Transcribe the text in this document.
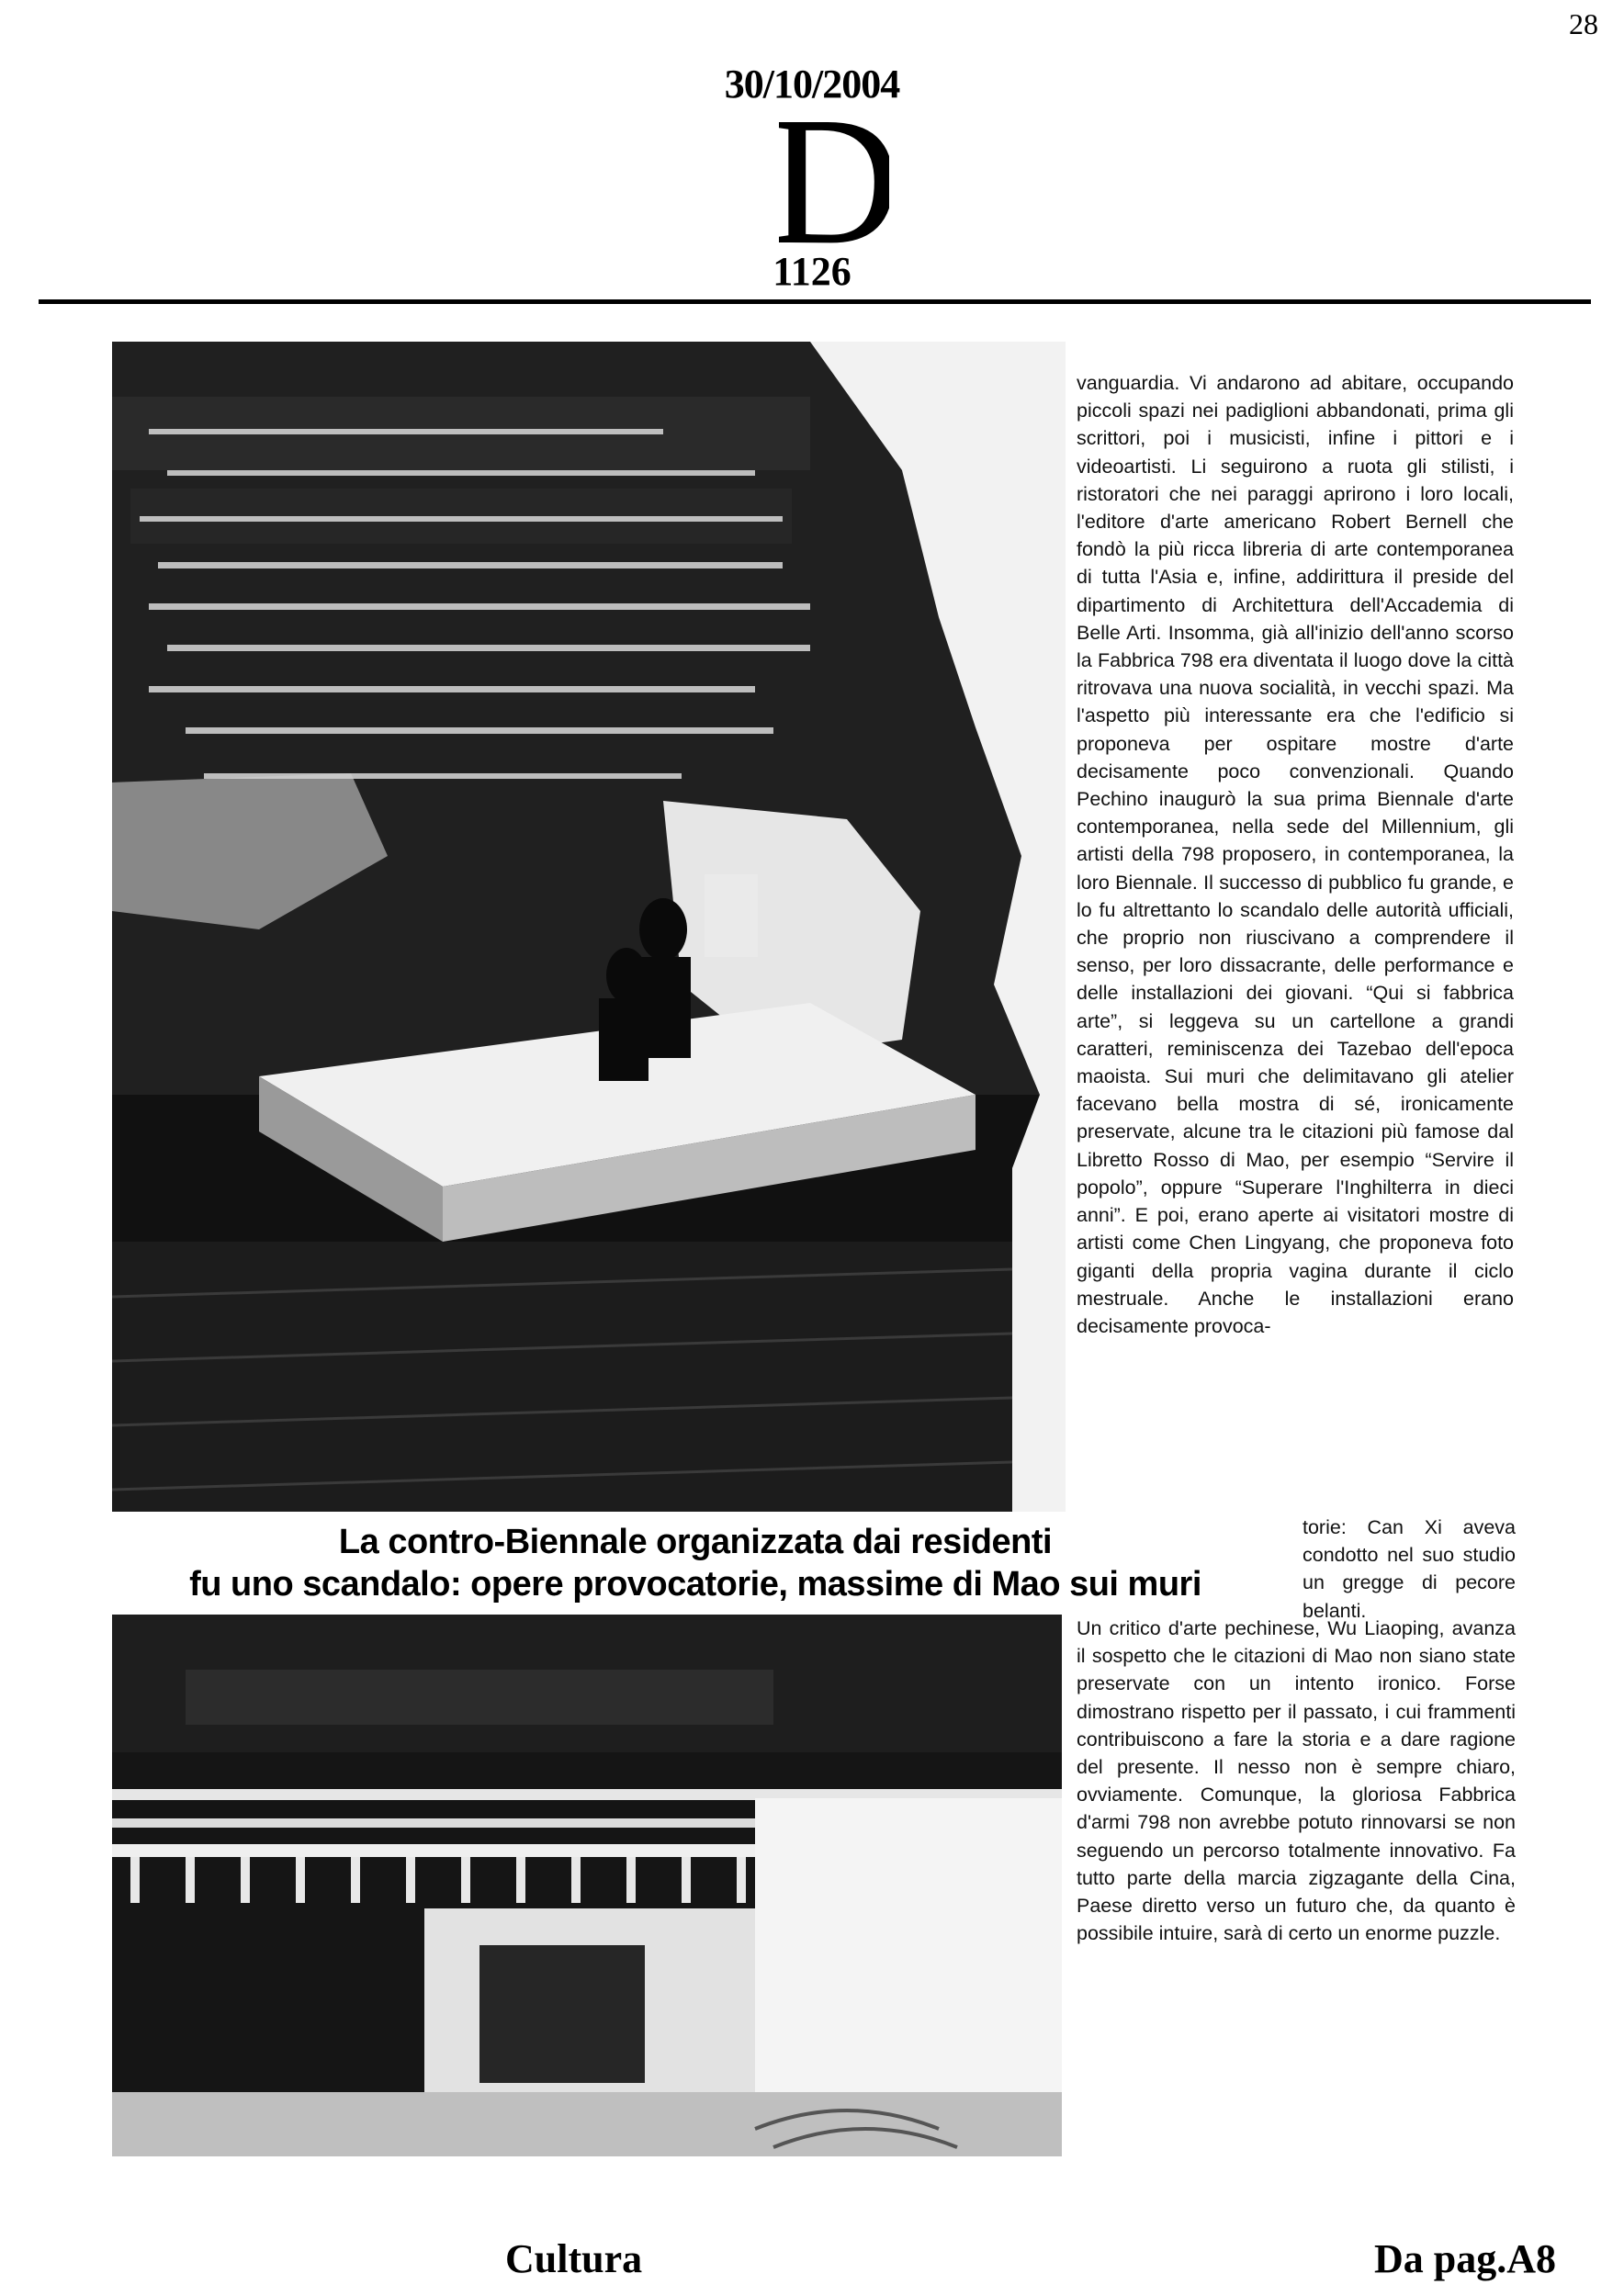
28
30/10/2004
D
la Repubblica delle donne
1126
La contro-Biennale organizzata dai residenti
fu uno scandalo: opere provocatorie, massime di Mao sui muri
vanguardia. Vi andarono ad abitare, occupando piccoli spazi nei padiglioni abbandonati, prima gli scrittori, poi i musicisti, infine i pittori e i videoartisti. Li seguirono a ruota gli stilisti, i ristoratori che nei paraggi aprirono i loro locali, l'editore d'arte americano Robert Bernell che fondò la più ricca libreria di arte contemporanea di tutta l'Asia e, infine, addirittura il preside del dipartimento di Architettura dell'Accademia di Belle Arti. Insomma, già all'inizio dell'anno scorso la Fabbrica 798 era diventata il luogo dove la città ritrovava una nuova socialità, in vecchi spazi. Ma l'aspetto più interessante era che l'edificio si proponeva per ospitare mostre d'arte decisamente poco convenzionali. Quando Pechino inaugurò la sua prima Biennale d'arte contemporanea, nella sede del Millennium, gli artisti della 798 proposero, in contemporanea, la loro Biennale. Il successo di pubblico fu grande, e lo fu altrettanto lo scandalo delle autorità ufficiali, che proprio non riuscivano a comprendere il senso, per loro dissacrante, delle performance e delle installazioni dei giovani. “Qui si fabbrica arte”, si leggeva su un cartellone a grandi caratteri, reminiscenza dei Tazebao dell'epoca maoista. Sui muri che delimitavano gli atelier facevano bella mostra di sé, ironicamente preservate, alcune tra le citazioni più famose dal Libretto Rosso di Mao, per esempio “Servire il popolo”, oppure “Superare l'Inghilterra in dieci anni”. E poi, erano aperte ai visitatori mostre di artisti come Chen Lingyang, che proponeva foto giganti della propria vagina durante il ciclo mestruale. Anche le installazioni erano decisamente provoca-
torie: Can Xi aveva condotto nel suo studio un gregge di pecore belanti.
Un critico d'arte pechinese, Wu Liaoping, avanza il sospetto che le citazioni di Mao non siano state preservate con un intento ironico. Forse dimostrano rispetto per il passato, i cui frammenti contribuiscono a fare la storia e a dare ragione del presente. Il nesso non è sempre chiaro, ovviamente. Comunque, la gloriosa Fabbrica d'armi 798 non avrebbe potuto rinnovarsi se non seguendo un percorso totalmente innovativo. Fa tutto parte della marcia zigzagante della Cina, Paese diretto verso un futuro che, da quanto è possibile intuire, sarà di certo un enorme puzzle.
Cultura	Da pag.A8
